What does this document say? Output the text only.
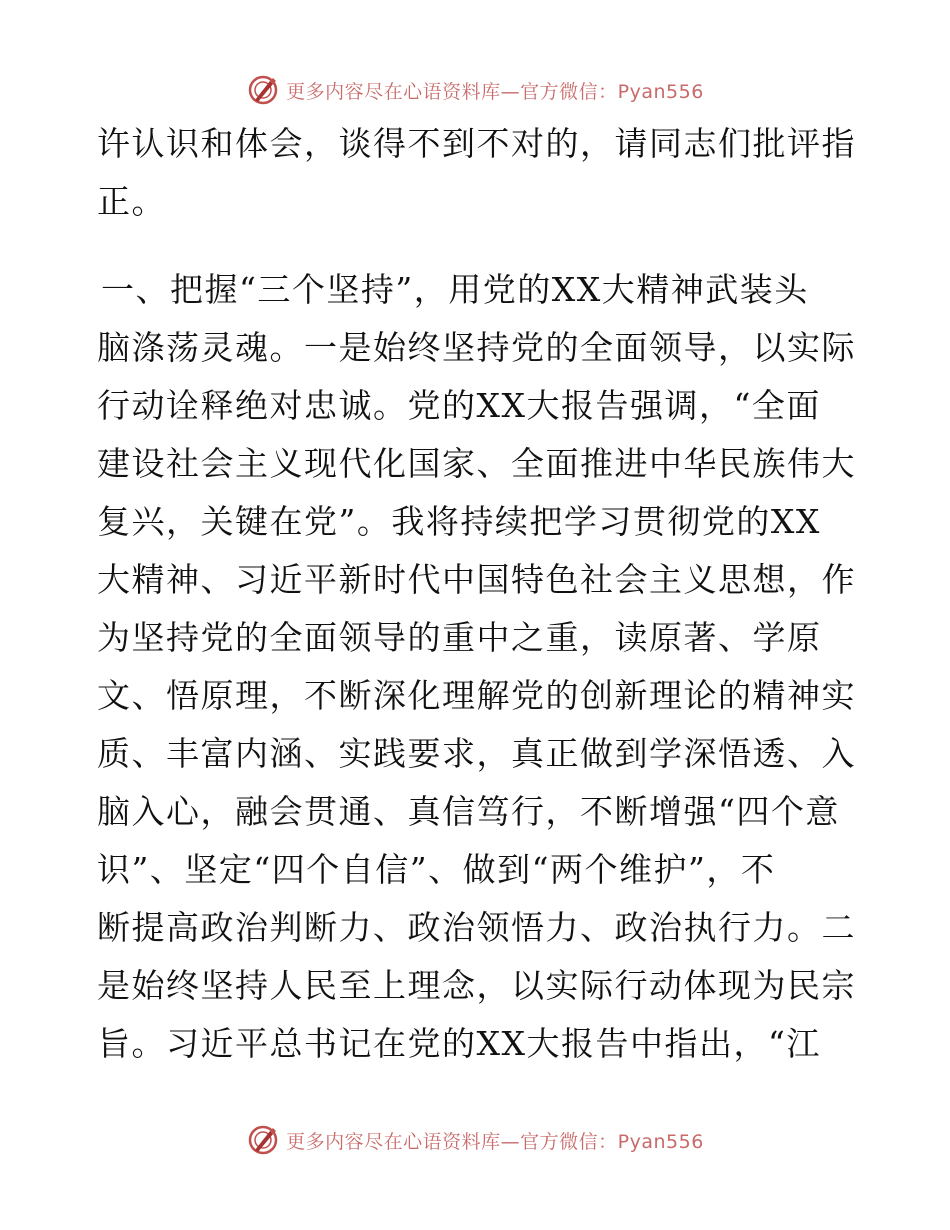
更多内容尽在心语资料库—官方微信：Pyan556
许认识和体会，谈得不到不对的，请同志们批评指
正。
一、把握“三个坚持”，用党的XX大精神武装头
脑涤荡灵魂。一是始终坚持党的全面领导，以实际
行动诠释绝对忠诚。党的XX大报告强调，“全面
建设社会主义现代化国家、全面推进中华民族伟大
复兴，关键在党”。我将持续把学习贯彻党的XX
大精神、习近平新时代中国特色社会主义思想，作
为坚持党的全面领导的重中之重，读原著、学原
文、悟原理，不断深化理解党的创新理论的精神实
质、丰富内涵、实践要求，真正做到学深悟透、入
脑入心，融会贯通、真信笃行，不断增强“四个意
识”、坚定“四个自信”、做到“两个维护”，不
断提高政治判断力、政治领悟力、政治执行力。二
是始终坚持人民至上理念，以实际行动体现为民宗
旨。习近平总书记在党的XX大报告中指出，“江
更多内容尽在心语资料库—官方微信：Pyan556
